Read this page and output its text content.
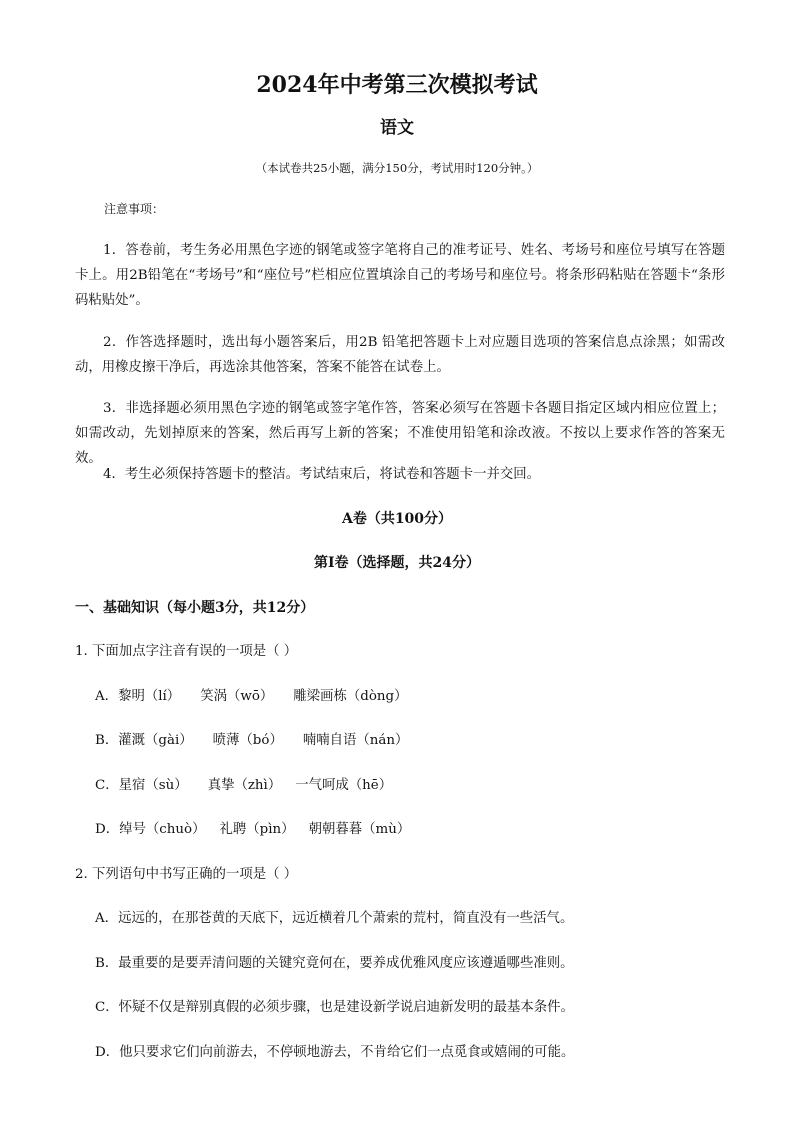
2024年中考第三次模拟考试
语文
（本试卷共25小题，满分150分，考试用时120分钟。）
注意事项：
1．答卷前，考生务必用黑色字迹的钢笔或签字笔将自己的准考证号、姓名、考场号和座位号填写在答题卡上。用2B铅笔在“考场号”和“座位号”栏相应位置填涂自己的考场号和座位号。将条形码粘贴在答题卡“条形码粘贴处”。
2．作答选择题时，选出每小题答案后，用2B 铅笔把答题卡上对应题目选项的答案信息点涂黑；如需改动，用橡皮擦干净后，再选涂其他答案，答案不能答在试卷上。
3．非选择题必须用黑色字迹的钢笔或签字笔作答，答案必须写在答题卡各题目指定区域内相应位置上；如需改动，先划掉原来的答案，然后再写上新的答案；不准使用铅笔和涂改液。不按以上要求作答的答案无效。
4．考生必须保持答题卡的整洁。考试结束后，将试卷和答题卡一并交回。
A卷（共100分）
第I卷（选择题，共24分）
一、基础知识（每小题3分，共12分）
1. 下面加点字注音有误的一项是（ ）
A．黎明（lí） 笑涡（wō） 雕梁画栋（dòng）
B．灌溉（gài） 喷薄（bó） 喃喃自语（nán）
C．星宿（sù） 真挚（zhì） 一气呵成（hē）
D．绰号（chuò） 礼聘（pìn） 朝朝暮暮（mù）
2. 下列语句中书写正确的一项是（ ）
A．远远的，在那苍黄的天底下，远近横着几个萧索的荒村，简直没有一些活气。
B．最重要的是要弄清问题的关键究竟何在，要养成优雅风度应该遵遁哪些准则。
C．怀疑不仅是辩别真假的必须步骤，也是建设新学说启迪新发明的最基本条件。
D．他只要求它们向前游去，不停顿地游去，不肯给它们一点觅食或嬉闹的可能。
